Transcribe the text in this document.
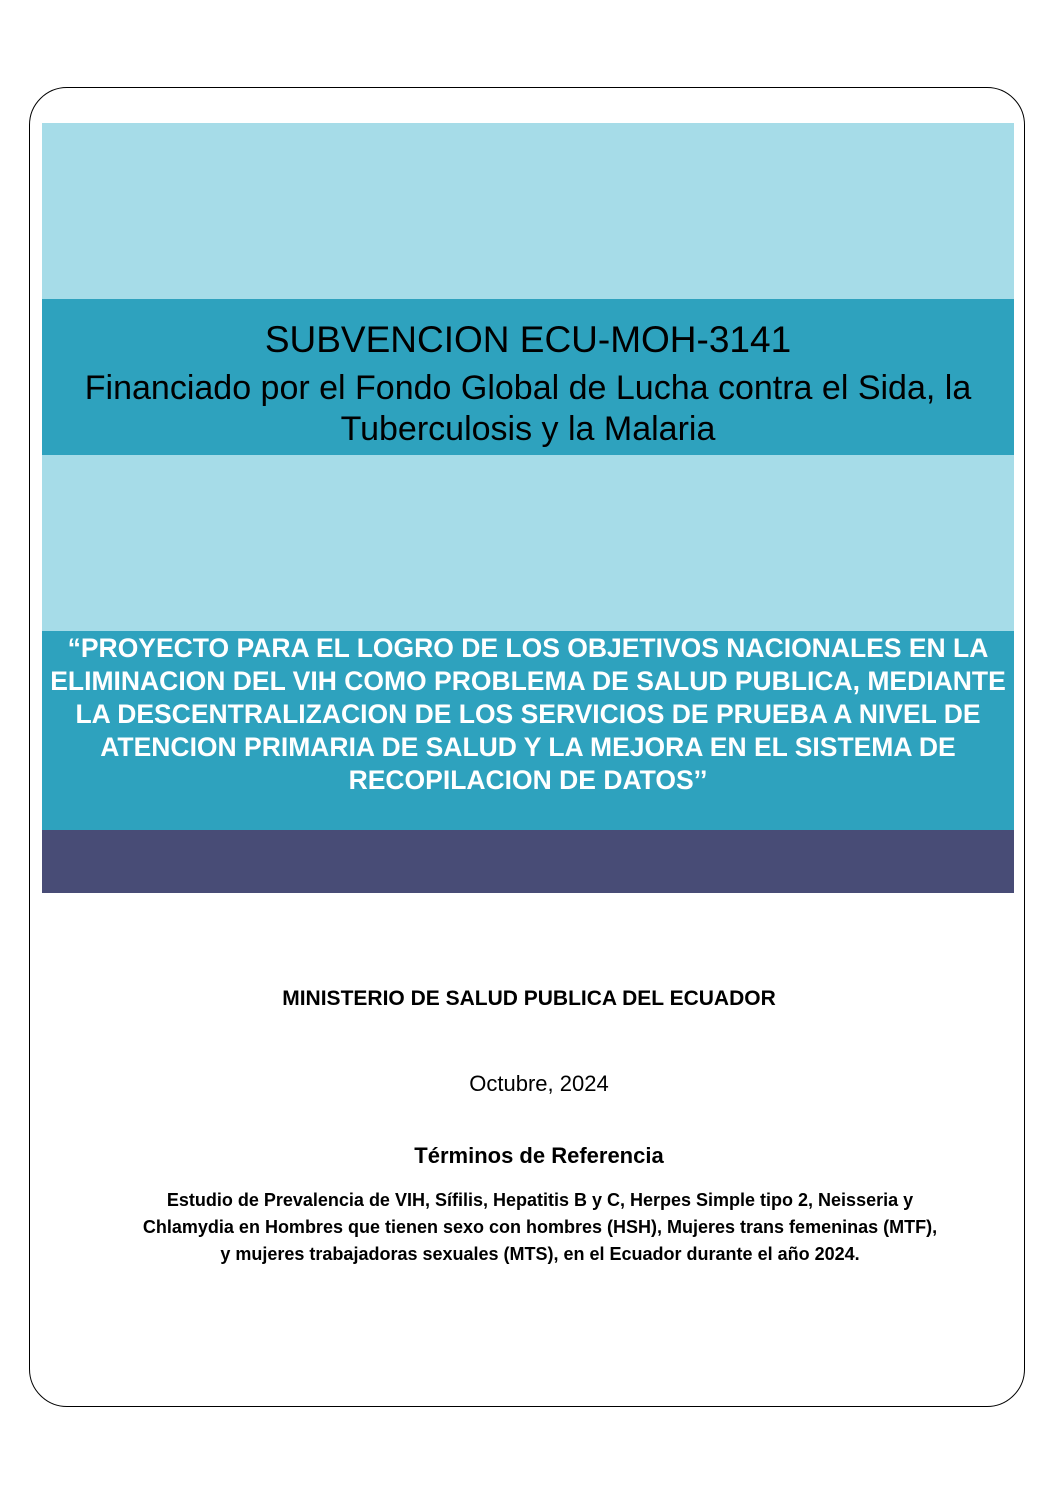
SUBVENCION ECU-MOH-3141
Financiado por el Fondo Global de Lucha contra el Sida, la Tuberculosis y la Malaria
“PROYECTO PARA EL LOGRO DE LOS OBJETIVOS NACIONALES EN LA ELIMINACION DEL VIH COMO PROBLEMA DE SALUD PUBLICA, MEDIANTE LA DESCENTRALIZACION DE LOS SERVICIOS DE PRUEBA A NIVEL DE ATENCION PRIMARIA DE SALUD Y LA MEJORA EN EL SISTEMA DE RECOPILACION DE DATOS’’
MINISTERIO DE SALUD PUBLICA DEL ECUADOR
Octubre, 2024
Términos de Referencia
Estudio de Prevalencia de VIH, Sífilis, Hepatitis B y C, Herpes Simple tipo 2, Neisseria y Chlamydia en Hombres que tienen sexo con hombres (HSH), Mujeres trans femeninas (MTF), y mujeres trabajadoras sexuales (MTS), en el Ecuador durante el año 2024.
